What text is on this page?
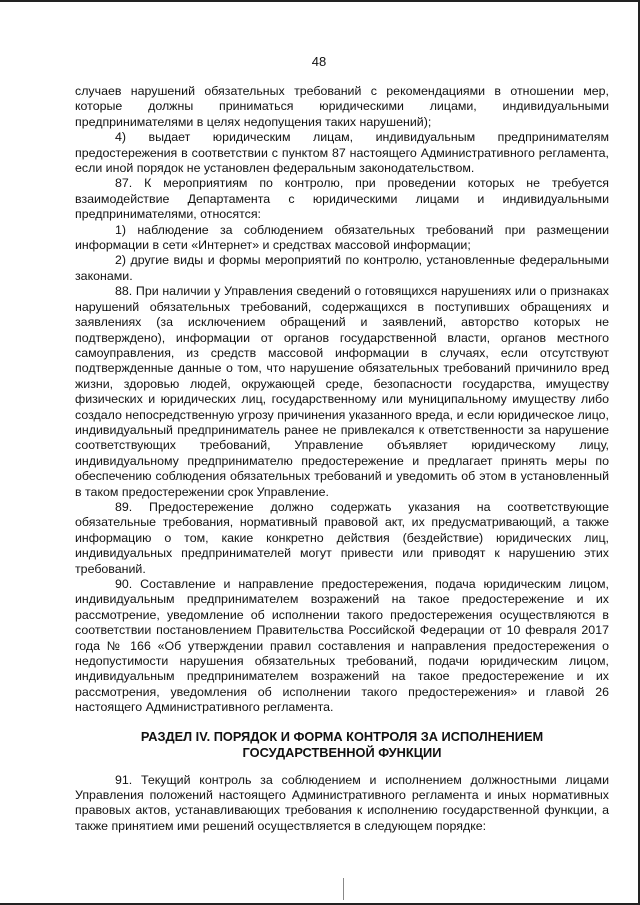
48

случаев нарушений обязательных требований с рекомендациями в отношении мер, которые должны приниматься юридическими лицами, индивидуальными предпринимателями в целях недопущения таких нарушений);

4) выдает юридическим лицам, индивидуальным предпринимателям предостережения в соответствии с пунктом 87 настоящего Административного регламента, если иной порядок не установлен федеральным законодательством.

87. К мероприятиям по контролю, при проведении которых не требуется взаимодействие Департамента с юридическими лицами и индивидуальными предпринимателями, относятся:

1) наблюдение за соблюдением обязательных требований при размещении информации в сети «Интернет» и средствах массовой информации;

2) другие виды и формы мероприятий по контролю, установленные федеральными законами.

88. При наличии у Управления сведений о готовящихся нарушениях или о признаках нарушений обязательных требований, содержащихся в поступивших обращениях и заявлениях (за исключением обращений и заявлений, авторство которых не подтверждено), информации от органов государственной власти, органов местного самоуправления, из средств массовой информации в случаях, если отсутствуют подтвержденные данные о том, что нарушение обязательных требований причинило вред жизни, здоровью людей, окружающей среде, безопасности государства, имуществу физических и юридических лиц, государственному или муниципальному имуществу либо создало непосредственную угрозу причинения указанного вреда, и если юридическое лицо, индивидуальный предприниматель ранее не привлекался к ответственности за нарушение соответствующих требований, Управление объявляет юридическому лицу, индивидуальному предпринимателю предостережение и предлагает принять меры по обеспечению соблюдения обязательных требований и уведомить об этом в установленный в таком предостережении срок Управление.

89. Предостережение должно содержать указания на соответствующие обязательные требования, нормативный правовой акт, их предусматривающий, а также информацию о том, какие конкретно действия (бездействие) юридических лиц, индивидуальных предпринимателей могут привести или приводят к нарушению этих требований.

90. Составление и направление предостережения, подача юридическим лицом, индивидуальным предпринимателем возражений на такое предостережение и их рассмотрение, уведомление об исполнении такого предостережения осуществляются в соответствии постановлением Правительства Российской Федерации от 10 февраля 2017 года № 166 «Об утверждении правил составления и направления предостережения о недопустимости нарушения обязательных требований, подачи юридическим лицом, индивидуальным предпринимателем возражений на такое предостережение и их рассмотрения, уведомления об исполнении такого предостережения» и главой 26 настоящего Административного регламента.

РАЗДЕЛ IV. ПОРЯДОК И ФОРМА КОНТРОЛЯ ЗА ИСПОЛНЕНИЕМ
ГОСУДАРСТВЕННОЙ ФУНКЦИИ

91. Текущий контроль за соблюдением и исполнением должностными лицами Управления положений настоящего Административного регламента и иных нормативных правовых актов, устанавливающих требования к исполнению государственной функции, а также принятием ими решений осуществляется в следующем порядке:
